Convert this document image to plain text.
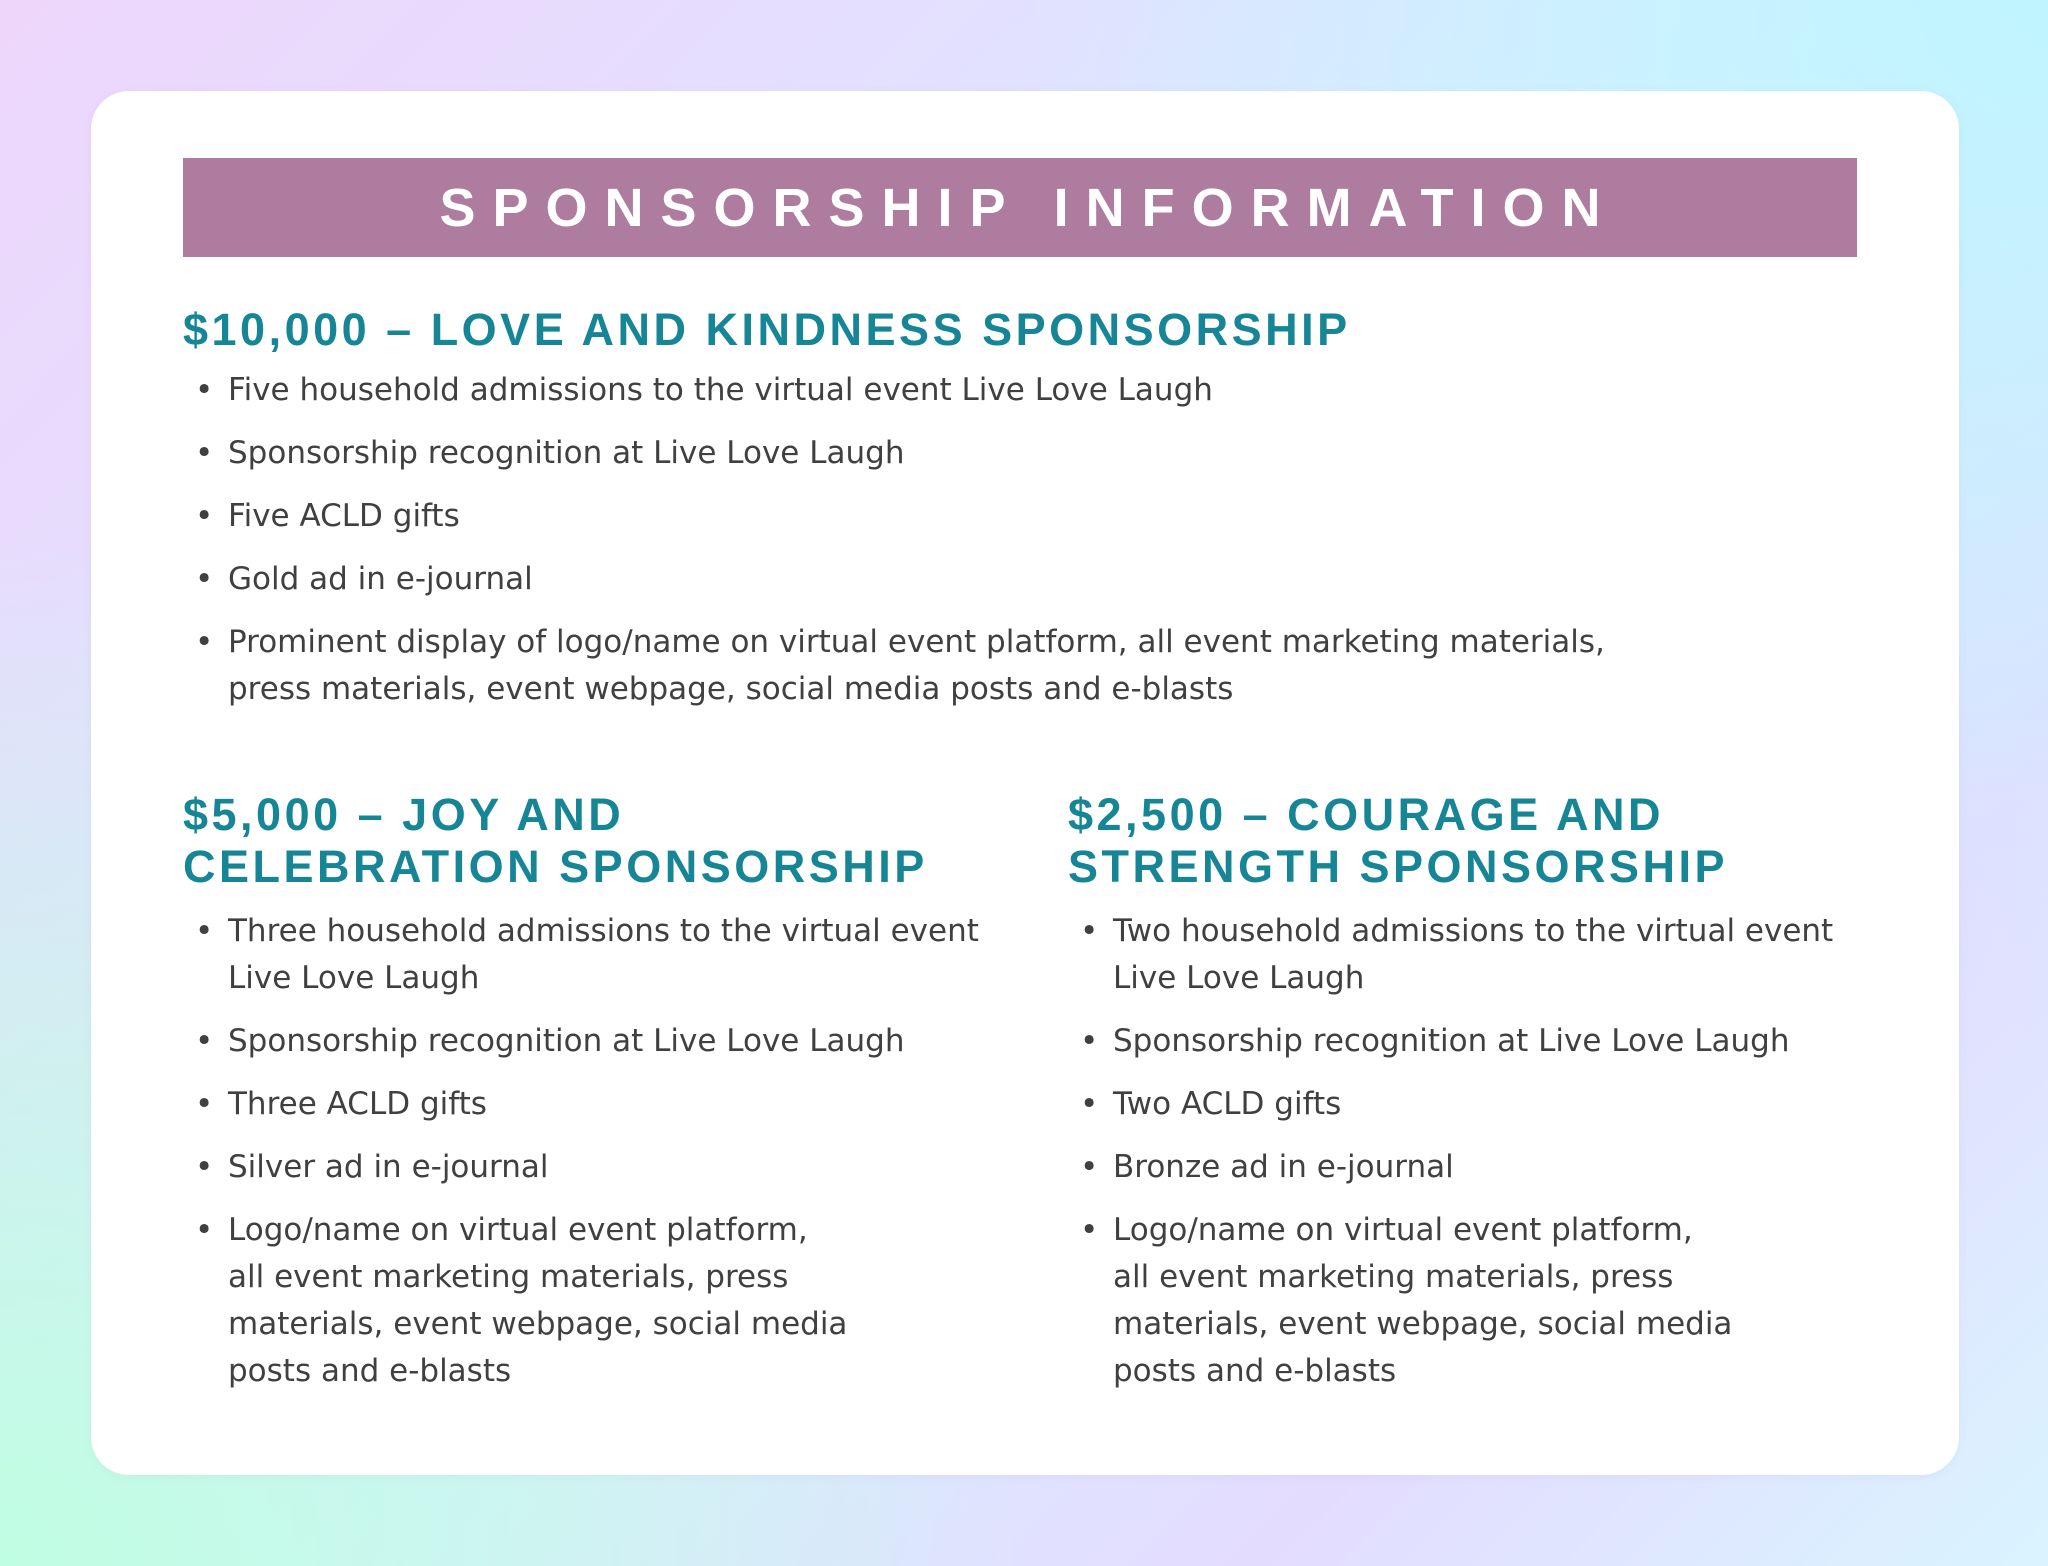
SPONSORSHIP INFORMATION
$10,000 – LOVE AND KINDNESS SPONSORSHIP
• Five household admissions to the virtual event Live Love Laugh
• Sponsorship recognition at Live Love Laugh
• Five ACLD gifts
• Gold ad in e-journal
• Prominent display of logo/name on virtual event platform, all event marketing materials,
press materials, event webpage, social media posts and e-blasts
$5,000 – JOY AND
CELEBRATION SPONSORSHIP
• Three household admissions to the virtual event
Live Love Laugh
• Sponsorship recognition at Live Love Laugh
• Three ACLD gifts
• Silver ad in e-journal
• Logo/name on virtual event platform,
all event marketing materials, press
materials, event webpage, social media
posts and e-blasts
$2,500 – COURAGE AND
STRENGTH SPONSORSHIP
• Two household admissions to the virtual event
Live Love Laugh
• Sponsorship recognition at Live Love Laugh
• Two ACLD gifts
• Bronze ad in e-journal
• Logo/name on virtual event platform,
all event marketing materials, press
materials, event webpage, social media
posts and e-blasts
